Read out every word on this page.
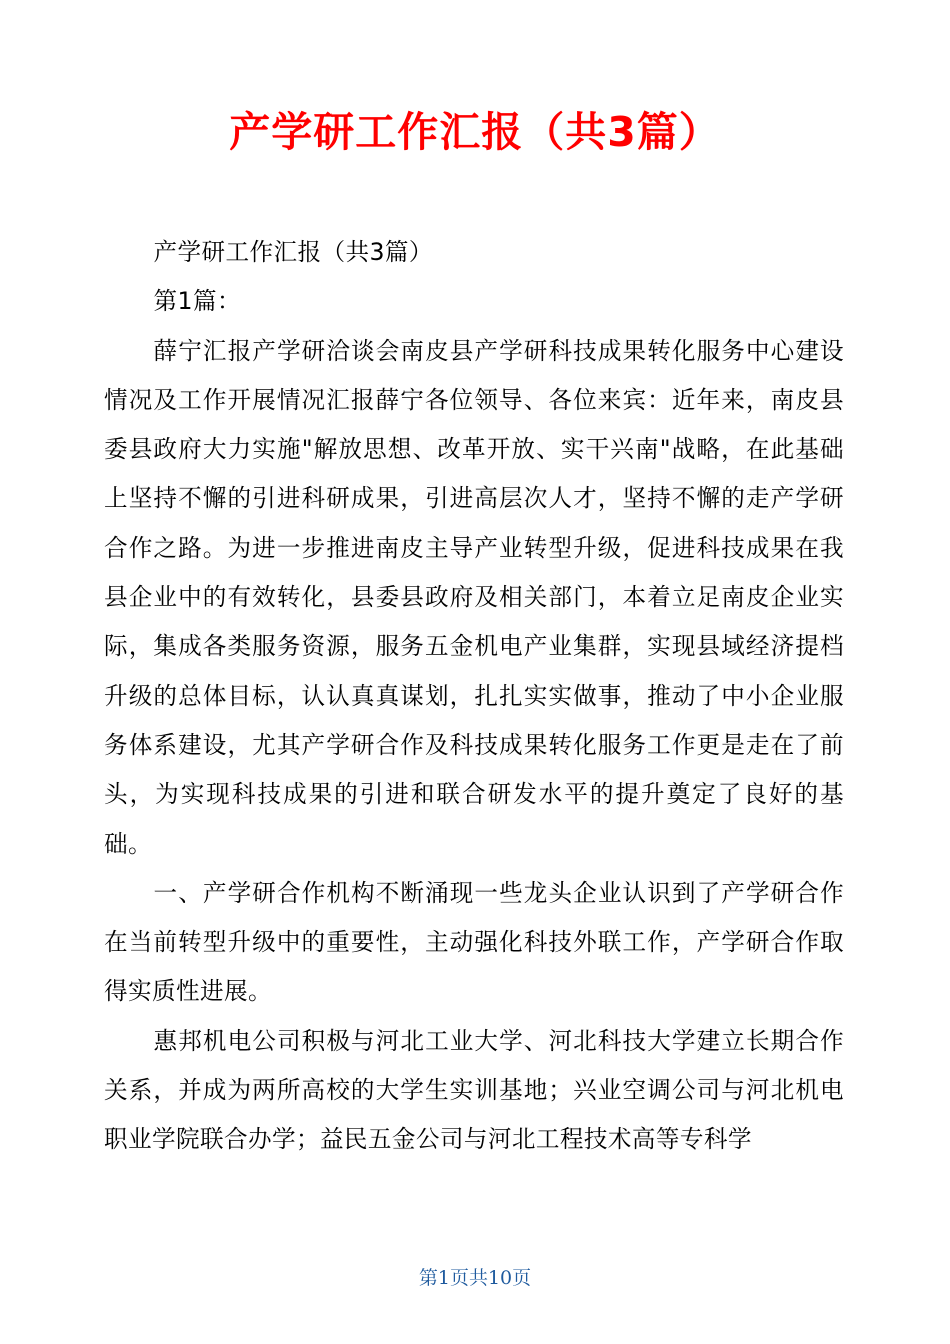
产学研工作汇报（共3篇）

产学研工作汇报（共3篇）

第1篇：

薛宁汇报产学研洽谈会南皮县产学研科技成果转化服务中心建设情况及工作开展情况汇报薛宁各位领导、各位来宾：近年来，南皮县委县政府大力实施"解放思想、改革开放、实干兴南"战略，在此基础上坚持不懈的引进科研成果，引进高层次人才，坚持不懈的走产学研合作之路。为进一步推进南皮主导产业转型升级，促进科技成果在我县企业中的有效转化，县委县政府及相关部门，本着立足南皮企业实际，集成各类服务资源，服务五金机电产业集群，实现县域经济提档升级的总体目标，认认真真谋划，扎扎实实做事，推动了中小企业服务体系建设，尤其产学研合作及科技成果转化服务工作更是走在了前头，为实现科技成果的引进和联合研发水平的提升奠定了良好的基础。

一、产学研合作机构不断涌现一些龙头企业认识到了产学研合作在当前转型升级中的重要性，主动强化科技外联工作，产学研合作取得实质性进展。

惠邦机电公司积极与河北工业大学、河北科技大学建立长期合作关系，并成为两所高校的大学生实训基地；兴业空调公司与河北机电职业学院联合办学；益民五金公司与河北工程技术高等专科学

第1页共10页
